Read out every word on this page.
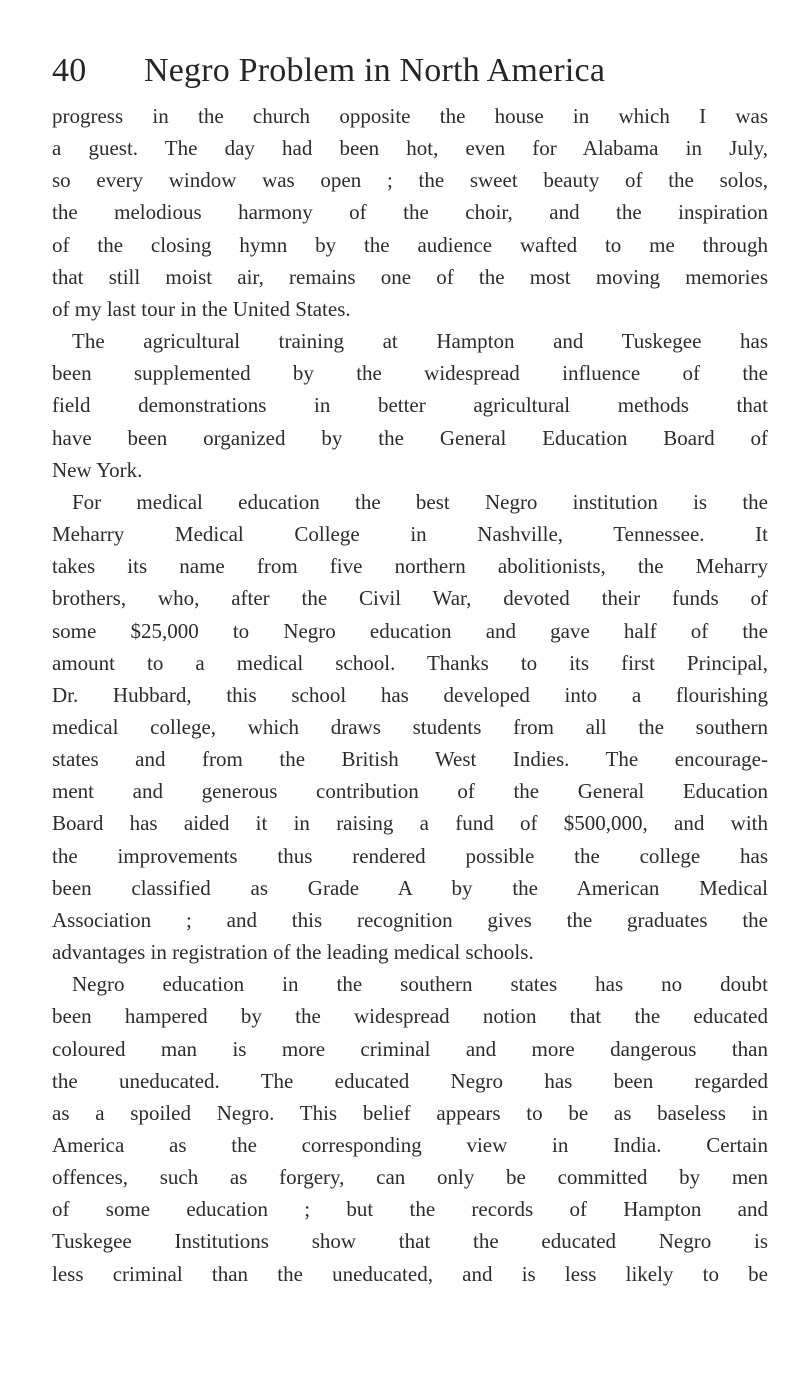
40	Negro Problem in North America

progress in the church opposite the house in which I was
a guest. The day had been hot, even for Alabama in July,
so every window was open ; the sweet beauty of the solos,
the melodious harmony of the choir, and the inspiration
of the closing hymn by the audience wafted to me through
that still moist air, remains one of the most moving memories
of my last tour in the United States.

The agricultural training at Hampton and Tuskegee has
been supplemented by the widespread influence of the
field demonstrations in better agricultural methods that
have been organized by the General Education Board of
New York.

For medical education the best Negro institution is the
Meharry Medical College in Nashville, Tennessee. It
takes its name from five northern abolitionists, the Meharry
brothers, who, after the Civil War, devoted their funds of
some $25,000 to Negro education and gave half of the
amount to a medical school. Thanks to its first Principal,
Dr. Hubbard, this school has developed into a flourishing
medical college, which draws students from all the southern
states and from the British West Indies. The encourage-
ment and generous contribution of the General Education
Board has aided it in raising a fund of $500,000, and with
the improvements thus rendered possible the college has
been classified as Grade A by the American Medical
Association ; and this recognition gives the graduates the
advantages in registration of the leading medical schools.

Negro education in the southern states has no doubt
been hampered by the widespread notion that the educated
coloured man is more criminal and more dangerous than
the uneducated. The educated Negro has been regarded
as a spoiled Negro. This belief appears to be as baseless in
America as the corresponding view in India. Certain
offences, such as forgery, can only be committed by men
of some education ; but the records of Hampton and
Tuskegee Institutions show that the educated Negro is
less criminal than the uneducated, and is less likely to be
